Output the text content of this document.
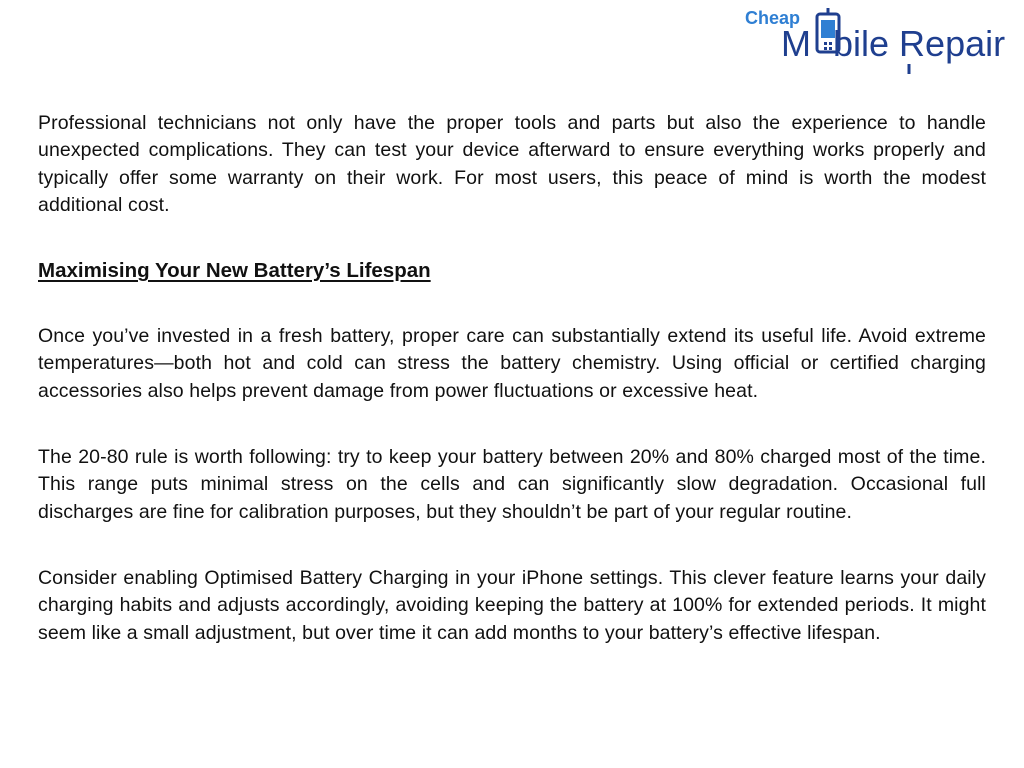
Cheap
M bile Repair

Professional technicians not only have the proper tools and parts but also the experience to handle unexpected complications. They can test your device afterward to ensure everything works properly and typically offer some warranty on their work. For most users, this peace of mind is worth the modest additional cost.

Maximising Your New Battery’s Lifespan

Once you’ve invested in a fresh battery, proper care can substantially extend its useful life. Avoid extreme temperatures—both hot and cold can stress the battery chemistry. Using official or certified charging accessories also helps prevent damage from power fluctuations or excessive heat.

The 20-80 rule is worth following: try to keep your battery between 20% and 80% charged most of the time. This range puts minimal stress on the cells and can significantly slow degradation. Occasional full discharges are fine for calibration purposes, but they shouldn’t be part of your regular routine.

Consider enabling Optimised Battery Charging in your iPhone settings. This clever feature learns your daily charging habits and adjusts accordingly, avoiding keeping the battery at 100% for extended periods. It might seem like a small adjustment, but over time it can add months to your battery’s effective lifespan.
